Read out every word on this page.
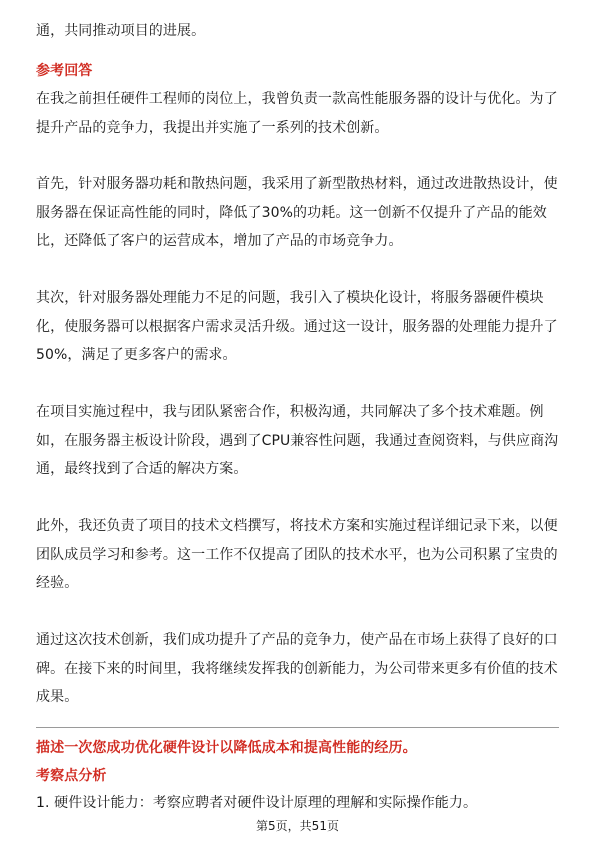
通，共同推动项目的进展。

参考回答

在我之前担任硬件工程师的岗位上，我曾负责一款高性能服务器的设计与优化。为了提升产品的竞争力，我提出并实施了一系列的技术创新。

首先，针对服务器功耗和散热问题，我采用了新型散热材料，通过改进散热设计，使服务器在保证高性能的同时，降低了30%的功耗。这一创新不仅提升了产品的能效比，还降低了客户的运营成本，增加了产品的市场竞争力。

其次，针对服务器处理能力不足的问题，我引入了模块化设计，将服务器硬件模块化，使服务器可以根据客户需求灵活升级。通过这一设计，服务器的处理能力提升了50%，满足了更多客户的需求。

在项目实施过程中，我与团队紧密合作，积极沟通，共同解决了多个技术难题。例如，在服务器主板设计阶段，遇到了CPU兼容性问题，我通过查阅资料，与供应商沟通，最终找到了合适的解决方案。

此外，我还负责了项目的技术文档撰写，将技术方案和实施过程详细记录下来，以便团队成员学习和参考。这一工作不仅提高了团队的技术水平，也为公司积累了宝贵的经验。

通过这次技术创新，我们成功提升了产品的竞争力，使产品在市场上获得了良好的口碑。在接下来的时间里，我将继续发挥我的创新能力，为公司带来更多有价值的技术成果。

描述一次您成功优化硬件设计以降低成本和提高性能的经历。

考察点分析

1. 硬件设计能力：考察应聘者对硬件设计原理的理解和实际操作能力。

第5页，共51页
